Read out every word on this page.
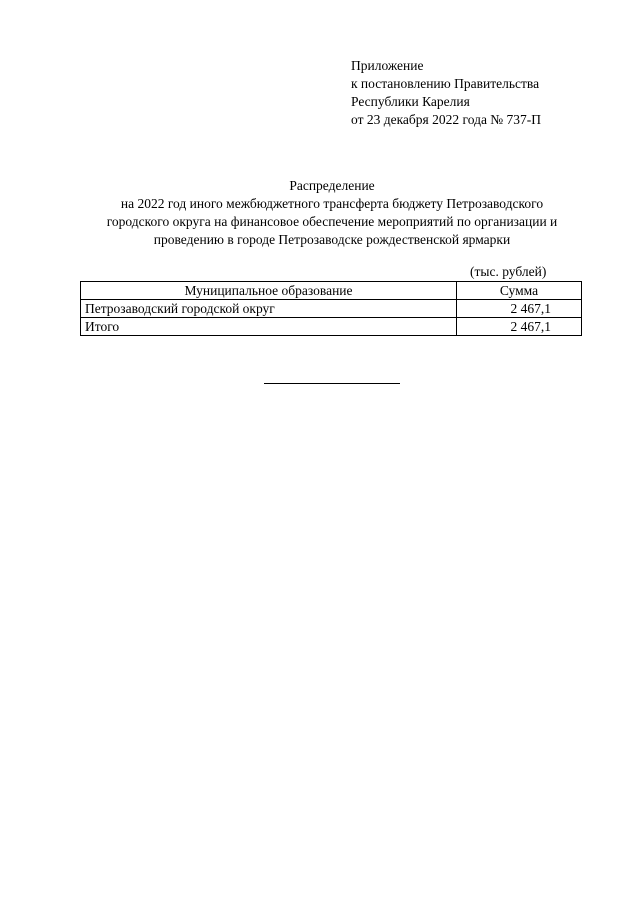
Приложение
к постановлению Правительства
Республики Карелия
от 23 декабря 2022 года № 737-П
Распределение
на 2022 год иного межбюджетного трансферта бюджету Петрозаводского
городского округа на финансовое обеспечение мероприятий по организации и
проведению в городе Петрозаводске рождественской ярмарки
(тыс. рублей)
Муниципальное образование	Сумма
Петрозаводский городской округ	2 467,1
Итого	2 467,1
